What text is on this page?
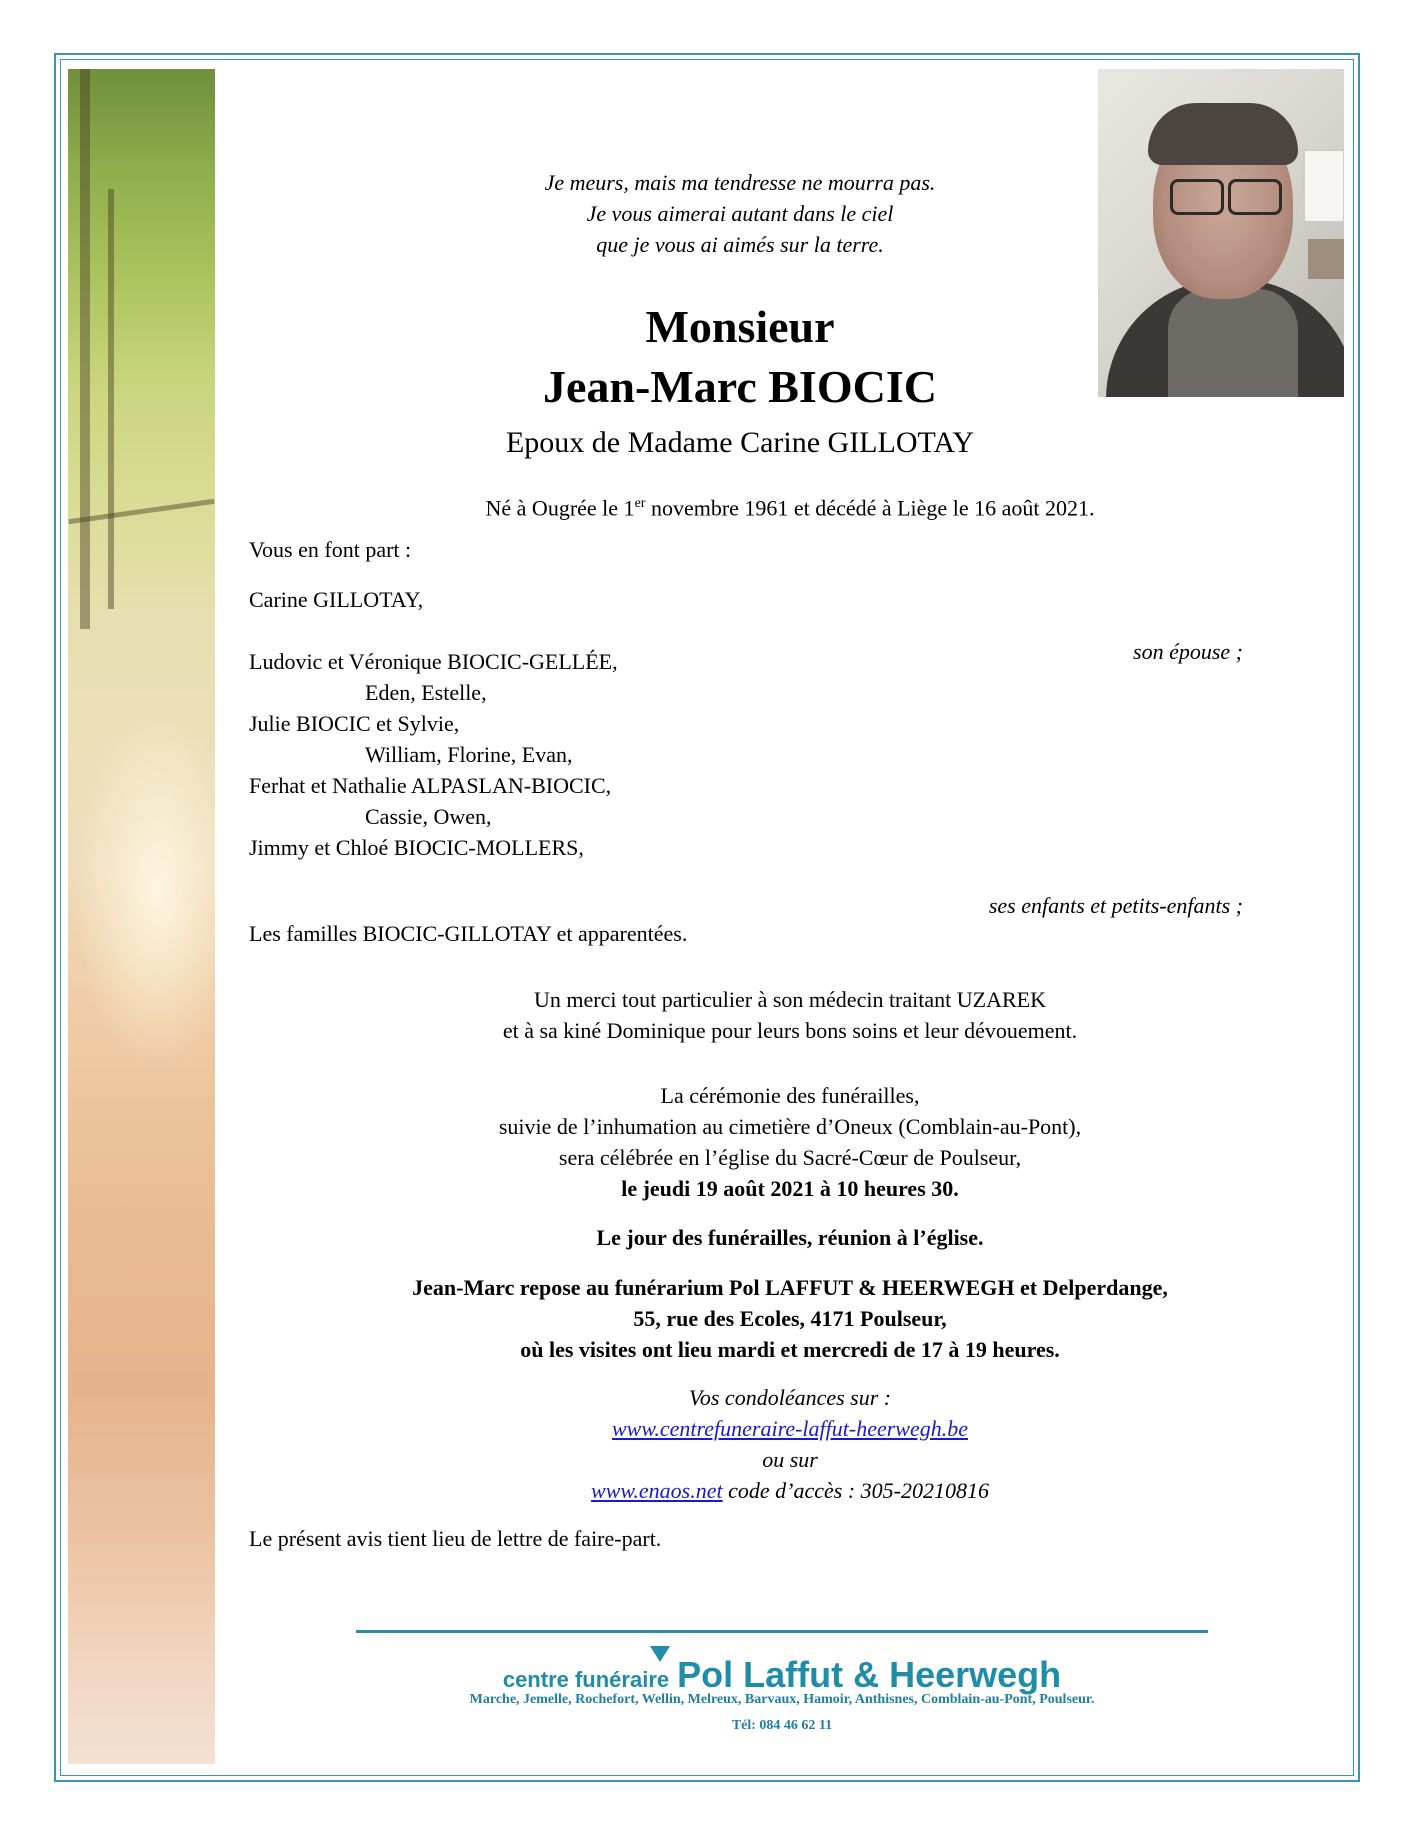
Je meurs, mais ma tendresse ne mourra pas.

Je vous aimerai autant dans le ciel

que je vous ai aimés sur la terre.

Monsieur

Jean-Marc BIOCIC

Epoux de Madame Carine GILLOTAY

Né à Ougrée le 1er novembre 1961 et décédé à Liège le 16 août 2021.

Vous en font part :

Carine GILLOTAY,

son épouse ;

Ludovic et Véronique BIOCIC-GELLÉE,

Eden, Estelle,

Julie BIOCIC et Sylvie,

William, Florine, Evan,

Ferhat et Nathalie ALPASLAN-BIOCIC,

Cassie, Owen,

Jimmy et Chloé BIOCIC-MOLLERS,

ses enfants et petits-enfants ;

Les familles BIOCIC-GILLOTAY et apparentées.

Un merci tout particulier à son médecin traitant UZAREK

et à sa kiné Dominique pour leurs bons soins et leur dévouement.

La cérémonie des funérailles,

suivie de l’inhumation au cimetière d’Oneux (Comblain-au-Pont),

sera célébrée en l’église du Sacré-Cœur de Poulseur,

le jeudi 19 août 2021 à 10 heures 30.

Le jour des funérailles, réunion à l’église.

Jean-Marc repose au funérarium Pol LAFFUT & HEERWEGH et Delperdange,

55, rue des Ecoles, 4171 Poulseur,

où les visites ont lieu mardi et mercredi de 17 à 19 heures.

Vos condoléances sur :

www.centrefuneraire-laffut-heerwegh.be

ou sur

www.enaos.net code d’accès : 305-20210816

Le présent avis tient lieu de lettre de faire-part.

centre funéraire Pol Laffut & Heerwegh

Marche, Jemelle, Rochefort, Wellin, Melreux, Barvaux, Hamoir, Anthisnes, Comblain-au-Pont, Poulseur.

Tél: 084 46 62 11
